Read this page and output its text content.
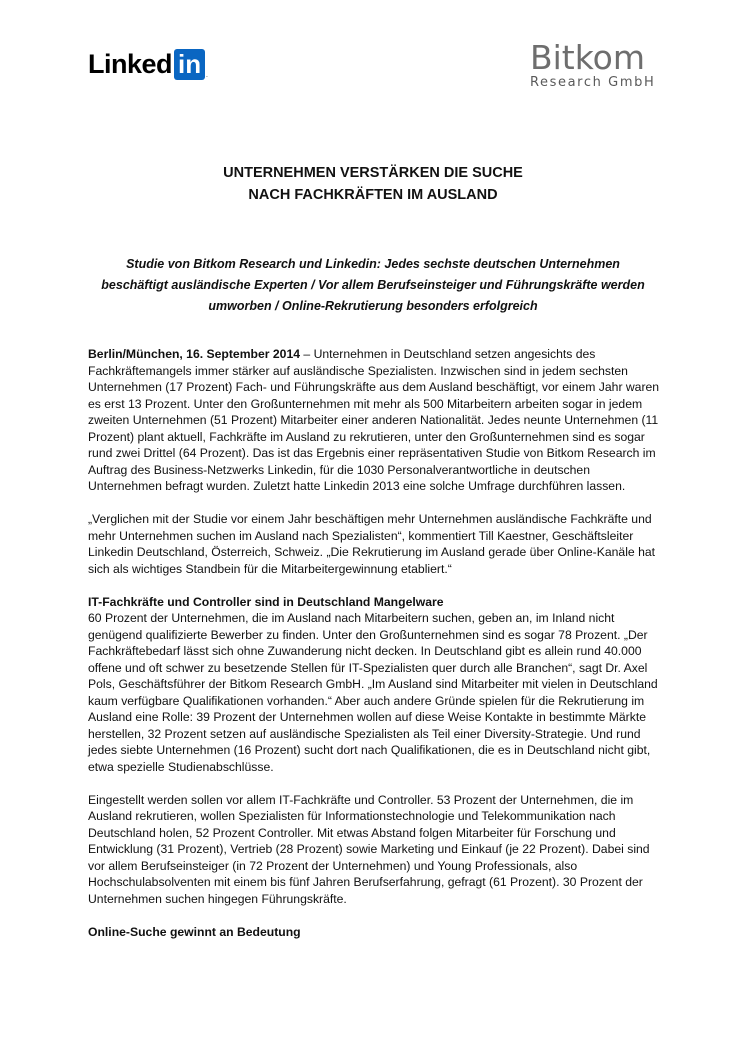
Linked in .	Bitkom
Research GmbH
UNTERNEHMEN VERSTÄRKEN DIE SUCHE
NACH FACHKRÄFTEN IM AUSLAND

Studie von Bitkom Research und Linkedin: Jedes sechste deutschen Unternehmen
beschäftigt ausländische Experten / Vor allem Berufseinsteiger und Führungskräfte werden
umworben / Online-Rekrutierung besonders erfolgreich

Berlin/München, 16. September 2014 – Unternehmen in Deutschland setzen angesichts des Fachkräftemangels immer stärker auf ausländische Spezialisten. Inzwischen sind in jedem sechsten Unternehmen (17 Prozent) Fach- und Führungskräfte aus dem Ausland beschäftigt, vor einem Jahr waren es erst 13 Prozent. Unter den Großunternehmen mit mehr als 500 Mitarbeitern arbeiten sogar in jedem zweiten Unternehmen (51 Prozent) Mitarbeiter einer anderen Nationalität. Jedes neunte Unternehmen (11 Prozent) plant aktuell, Fachkräfte im Ausland zu rekrutieren, unter den Großunternehmen sind es sogar rund zwei Drittel (64 Prozent). Das ist das Ergebnis einer repräsentativen Studie von Bitkom Research im Auftrag des Business-Netzwerks Linkedin, für die 1030 Personalverantwortliche in deutschen Unternehmen befragt wurden. Zuletzt hatte Linkedin 2013 eine solche Umfrage durchführen lassen.

„Verglichen mit der Studie vor einem Jahr beschäftigen mehr Unternehmen ausländische Fachkräfte und mehr Unternehmen suchen im Ausland nach Spezialisten“, kommentiert Till Kaestner, Geschäftsleiter Linkedin Deutschland, Österreich, Schweiz. „Die Rekrutierung im Ausland gerade über Online-Kanäle hat sich als wichtiges Standbein für die Mitarbeitergewinnung etabliert.“

IT-Fachkräfte und Controller sind in Deutschland Mangelware

60 Prozent der Unternehmen, die im Ausland nach Mitarbeitern suchen, geben an, im Inland nicht genügend qualifizierte Bewerber zu finden. Unter den Großunternehmen sind es sogar 78 Prozent. „Der Fachkräftebedarf lässt sich ohne Zuwanderung nicht decken. In Deutschland gibt es allein rund 40.000 offene und oft schwer zu besetzende Stellen für IT-Spezialisten quer durch alle Branchen“, sagt Dr. Axel Pols, Geschäftsführer der Bitkom Research GmbH. „Im Ausland sind Mitarbeiter mit vielen in Deutschland kaum verfügbare Qualifikationen vorhanden.“ Aber auch andere Gründe spielen für die Rekrutierung im Ausland eine Rolle: 39 Prozent der Unternehmen wollen auf diese Weise Kontakte in bestimmte Märkte herstellen, 32 Prozent setzen auf ausländische Spezialisten als Teil einer Diversity-Strategie. Und rund jedes siebte Unternehmen (16 Prozent) sucht dort nach Qualifikationen, die es in Deutschland nicht gibt, etwa spezielle Studienabschlüsse.

Eingestellt werden sollen vor allem IT-Fachkräfte und Controller. 53 Prozent der Unternehmen, die im Ausland rekrutieren, wollen Spezialisten für Informationstechnologie und Telekommunikation nach Deutschland holen, 52 Prozent Controller. Mit etwas Abstand folgen Mitarbeiter für Forschung und Entwicklung (31 Prozent), Vertrieb (28 Prozent) sowie Marketing und Einkauf (je 22 Prozent). Dabei sind vor allem Berufseinsteiger (in 72 Prozent der Unternehmen) und Young Professionals, also Hochschulabsolventen mit einem bis fünf Jahren Berufserfahrung, gefragt (61 Prozent). 30 Prozent der Unternehmen suchen hingegen Führungskräfte.

Online-Suche gewinnt an Bedeutung
